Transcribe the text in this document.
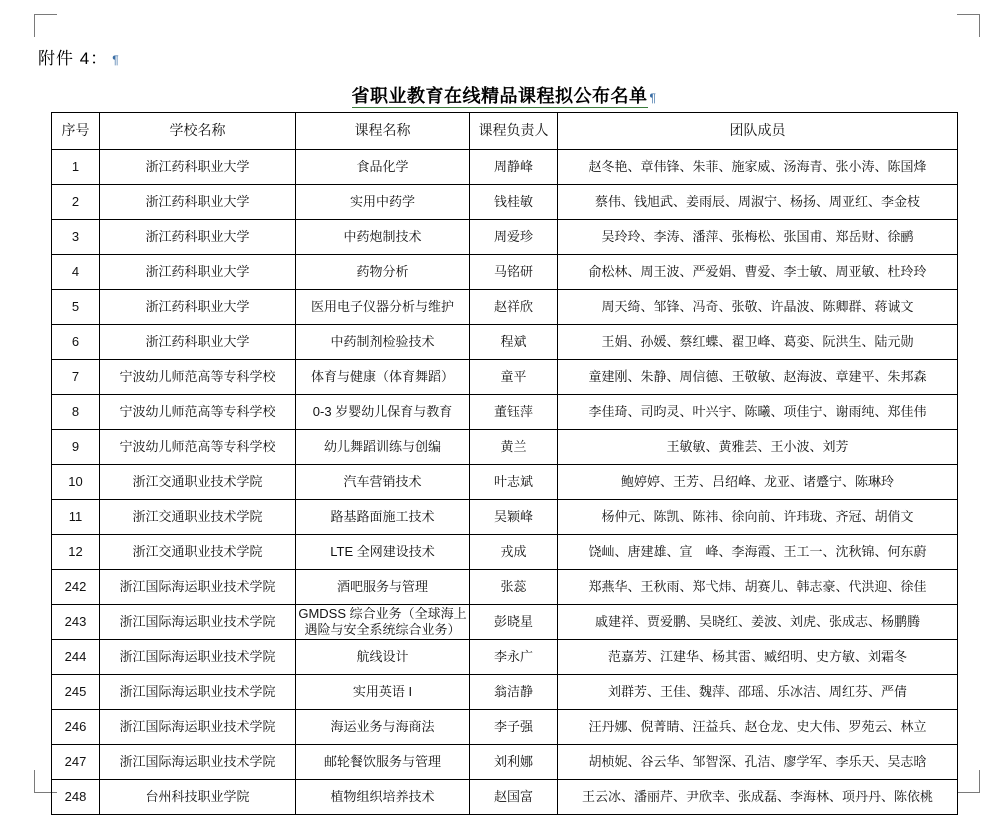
附件 4： ¶
省职业教育在线精品课程拟公布名单 ¶
序号	学校名称	课程名称	课程负责人	团队成员
1	浙江药科职业大学	食品化学	周静峰	赵冬艳、章伟锋、朱菲、施家威、汤海青、张小涛、陈国烽
2	浙江药科职业大学	实用中药学	钱桂敏	蔡伟、钱旭武、姜雨辰、周淑宁、杨扬、周亚红、李金枝
3	浙江药科职业大学	中药炮制技术	周爱珍	吴玲玲、李涛、潘萍、张梅松、张国甫、郑岳财、徐鹂
4	浙江药科职业大学	药物分析	马铭研	俞松林、周王波、严爱娟、曹爱、李士敏、周亚敏、杜玲玲
5	浙江药科职业大学	医用电子仪器分析与维护	赵祥欣	周天绮、邹锋、冯奇、张敬、许晶波、陈卿群、蒋诚文
6	浙江药科职业大学	中药制剂检验技术	程斌	王娟、孙媛、蔡红蝶、翟卫峰、葛娈、阮洪生、陆元勋
7	宁波幼儿师范高等专科学校	体育与健康（体育舞蹈）	童平	童建刚、朱静、周信德、王敬敏、赵海波、章建平、朱邦森
8	宁波幼儿师范高等专科学校	0-3 岁婴幼儿保育与教育	董钰萍	李佳琦、司昀灵、叶兴宇、陈曦、项佳宁、谢雨纯、郑佳伟
9	宁波幼儿师范高等专科学校	幼儿舞蹈训练与创编	黄兰	王敏敏、黄雅芸、王小波、刘芳
10	浙江交通职业技术学院	汽车营销技术	叶志斌	鲍婷婷、王芳、吕绍峰、龙亚、诸蹙宁、陈琳玲
11	浙江交通职业技术学院	路基路面施工技术	吴颖峰	杨仲元、陈凯、陈祎、徐向前、许玮珑、齐冠、胡俏文
12	浙江交通职业技术学院	LTE 全网建设技术	戎成	饶屾、唐建雄、宣　峰、李海霞、王工一、沈秋锦、何东蔚
242	浙江国际海运职业技术学院	酒吧服务与管理	张蕊	郑燕华、王秋雨、郑弋炜、胡赛儿、韩志豪、代洪迎、徐佳
243	浙江国际海运职业技术学院	GMDSS 综合业务（全球海上遇险与安全系统综合业务）	彭晓星	戚建祥、贾爱鹏、吴晓红、姜波、刘虎、张成志、杨鹏腾
244	浙江国际海运职业技术学院	航线设计	李永广	范嘉芳、江建华、杨其雷、臧绍明、史方敏、刘霜冬
245	浙江国际海运职业技术学院	实用英语 I	翁洁静	刘群芳、王佳、魏萍、邵瑶、乐冰洁、周红芬、严倩
246	浙江国际海运职业技术学院	海运业务与海商法	李子强	汪丹娜、倪菁睛、汪益兵、赵仓龙、史大伟、罗苑云、林立
247	浙江国际海运职业技术学院	邮轮餐饮服务与管理	刘利娜	胡桢妮、谷云华、邹智深、孔洁、廖学军、李乐天、吴志晗
248	台州科技职业学院	植物组织培养技术	赵国富	王云冰、潘丽芹、尹欣幸、张成磊、李海林、项丹丹、陈依桃
